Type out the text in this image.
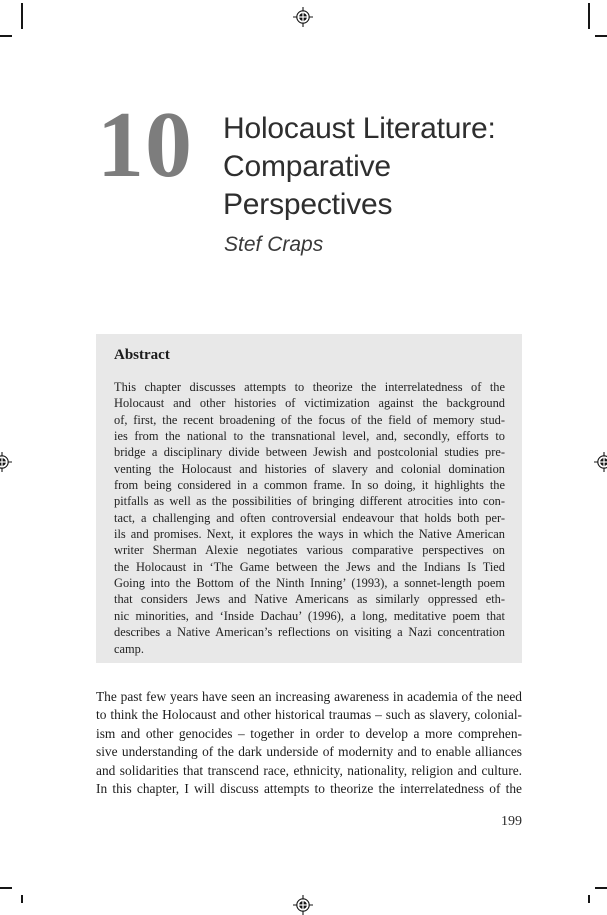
10 Holocaust Literature:
Comparative
Perspectives
Stef Craps
Abstract
This chapter discusses attempts to theorize the interrelatedness of the
Holocaust and other histories of victimization against the background
of, first, the recent broadening of the focus of the field of memory stud-
ies from the national to the transnational level, and, secondly, efforts to
bridge a disciplinary divide between Jewish and postcolonial studies pre-
venting the Holocaust and histories of slavery and colonial domination
from being considered in a common frame. In so doing, it highlights the
pitfalls as well as the possibilities of bringing different atrocities into con-
tact, a challenging and often controversial endeavour that holds both per-
ils and promises. Next, it explores the ways in which the Native American
writer Sherman Alexie negotiates various comparative perspectives on
the Holocaust in ‘The Game between the Jews and the Indians Is Tied
Going into the Bottom of the Ninth Inning’ (1993), a sonnet-length poem
that considers Jews and Native Americans as similarly oppressed eth-
nic minorities, and ‘Inside Dachau’ (1996), a long, meditative poem that
describes a Native American’s reflections on visiting a Nazi concentration
camp.
The past few years have seen an increasing awareness in academia of the need
to think the Holocaust and other historical traumas – such as slavery, colonial-
ism and other genocides – together in order to develop a more comprehen-
sive understanding of the dark underside of modernity and to enable alliances
and solidarities that transcend race, ethnicity, nationality, religion and culture.
In this chapter, I will discuss attempts to theorize the interrelatedness of the
199
